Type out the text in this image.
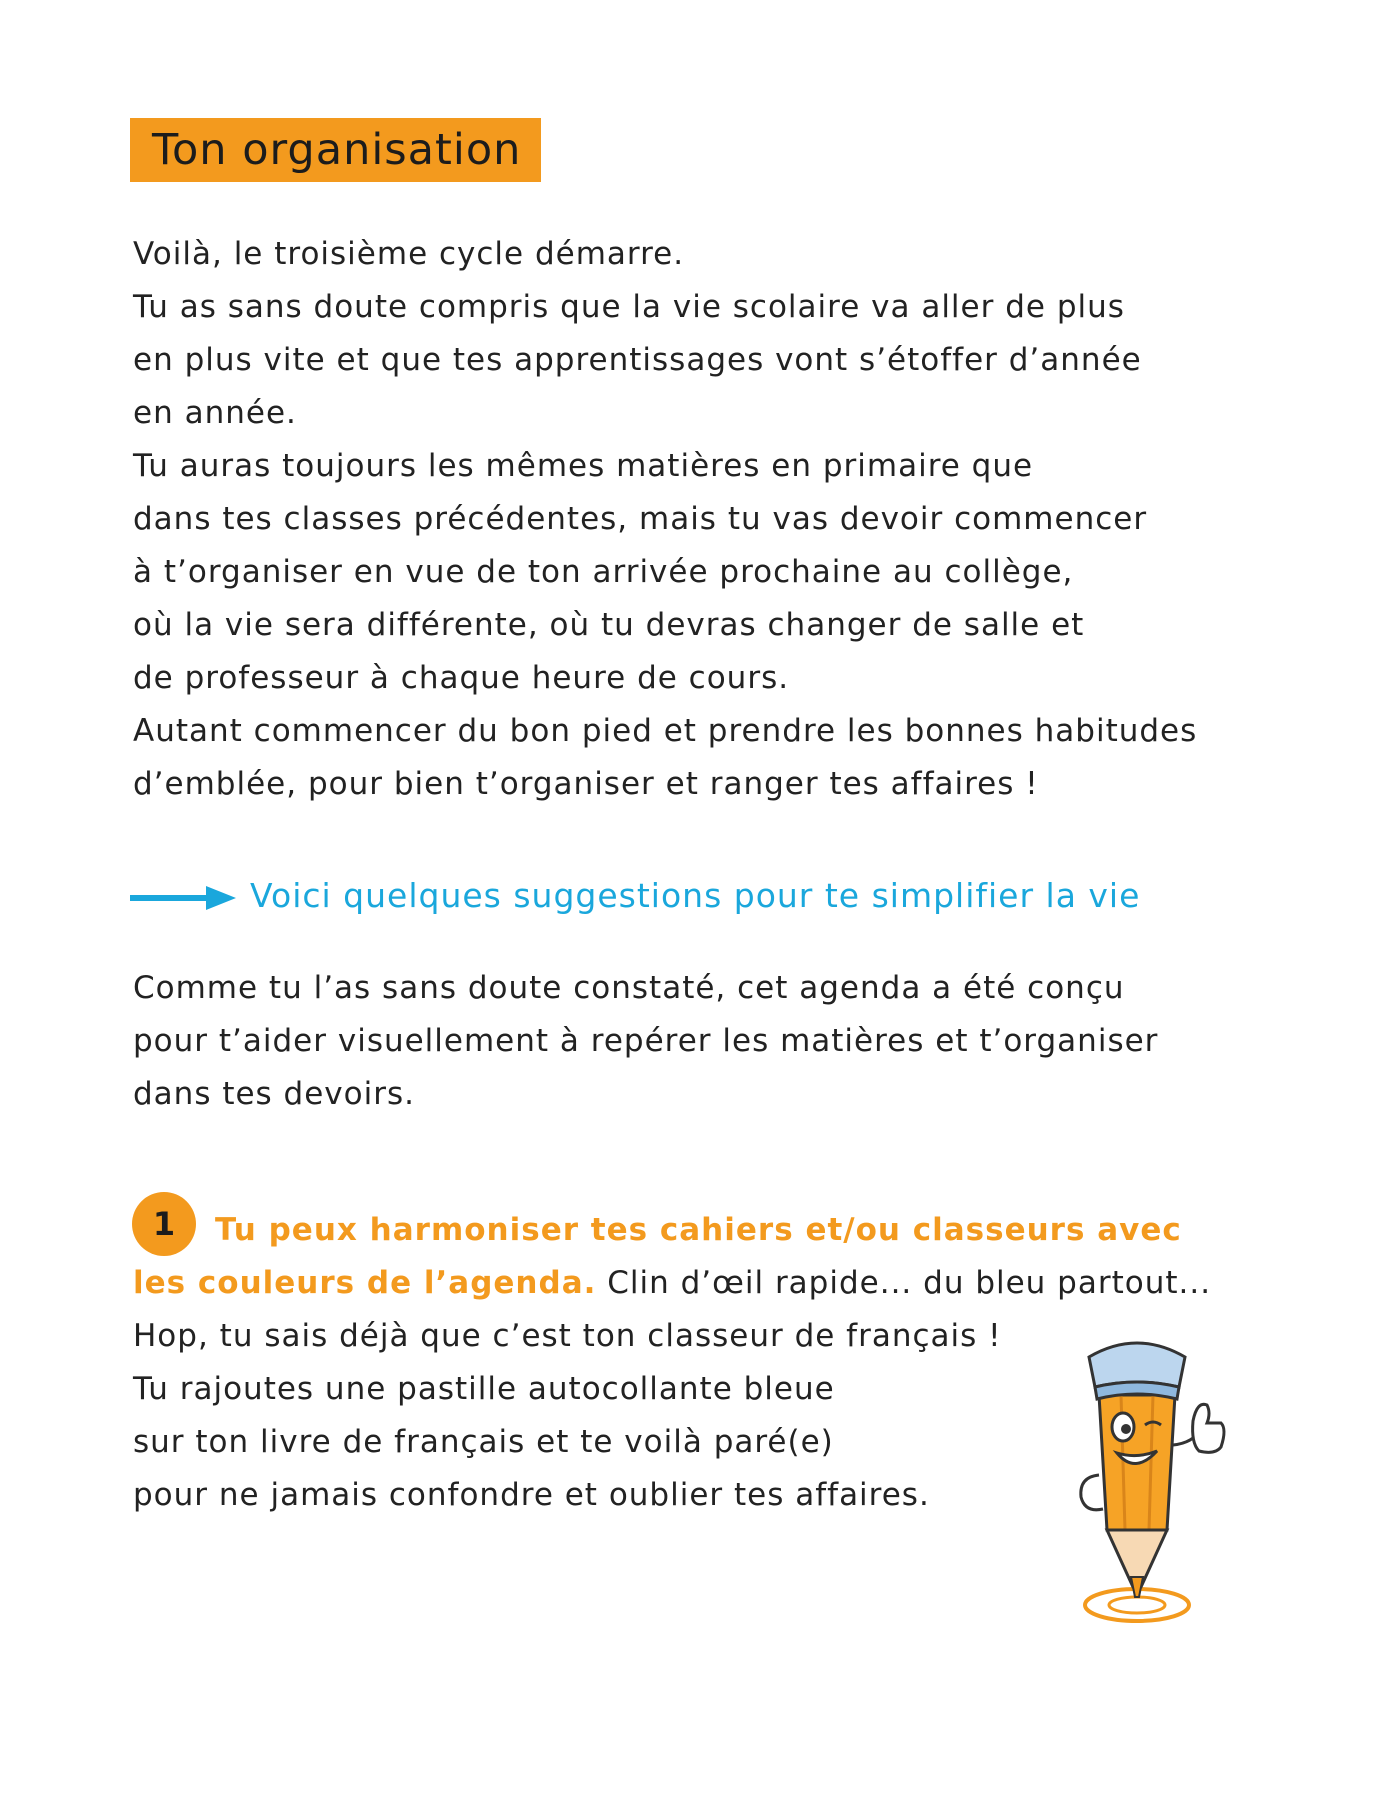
Ton organisation
Voilà, le troisième cycle démarre.
Tu as sans doute compris que la vie scolaire va aller de plus
en plus vite et que tes apprentissages vont s’étoffer d’année
en année.
Tu auras toujours les mêmes matières en primaire que
dans tes classes précédentes, mais tu vas devoir commencer
à t’organiser en vue de ton arrivée prochaine au collège,
où la vie sera différente, où tu devras changer de salle et
de professeur à chaque heure de cours.
Autant commencer du bon pied et prendre les bonnes habitudes
d’emblée, pour bien t’organiser et ranger tes affaires !
Voici quelques suggestions pour te simplifier la vie
Comme tu l’as sans doute constaté, cet agenda a été conçu
pour t’aider visuellement à repérer les matières et t’organiser
dans tes devoirs.
1	Tu peux harmoniser tes cahiers et/ou classeurs avec
les couleurs de l’agenda. Clin d’œil rapide... du bleu partout...
Hop, tu sais déjà que c’est ton classeur de français !
Tu rajoutes une pastille autocollante bleue
sur ton livre de français et te voilà paré(e)
pour ne jamais confondre et oublier tes affaires.
